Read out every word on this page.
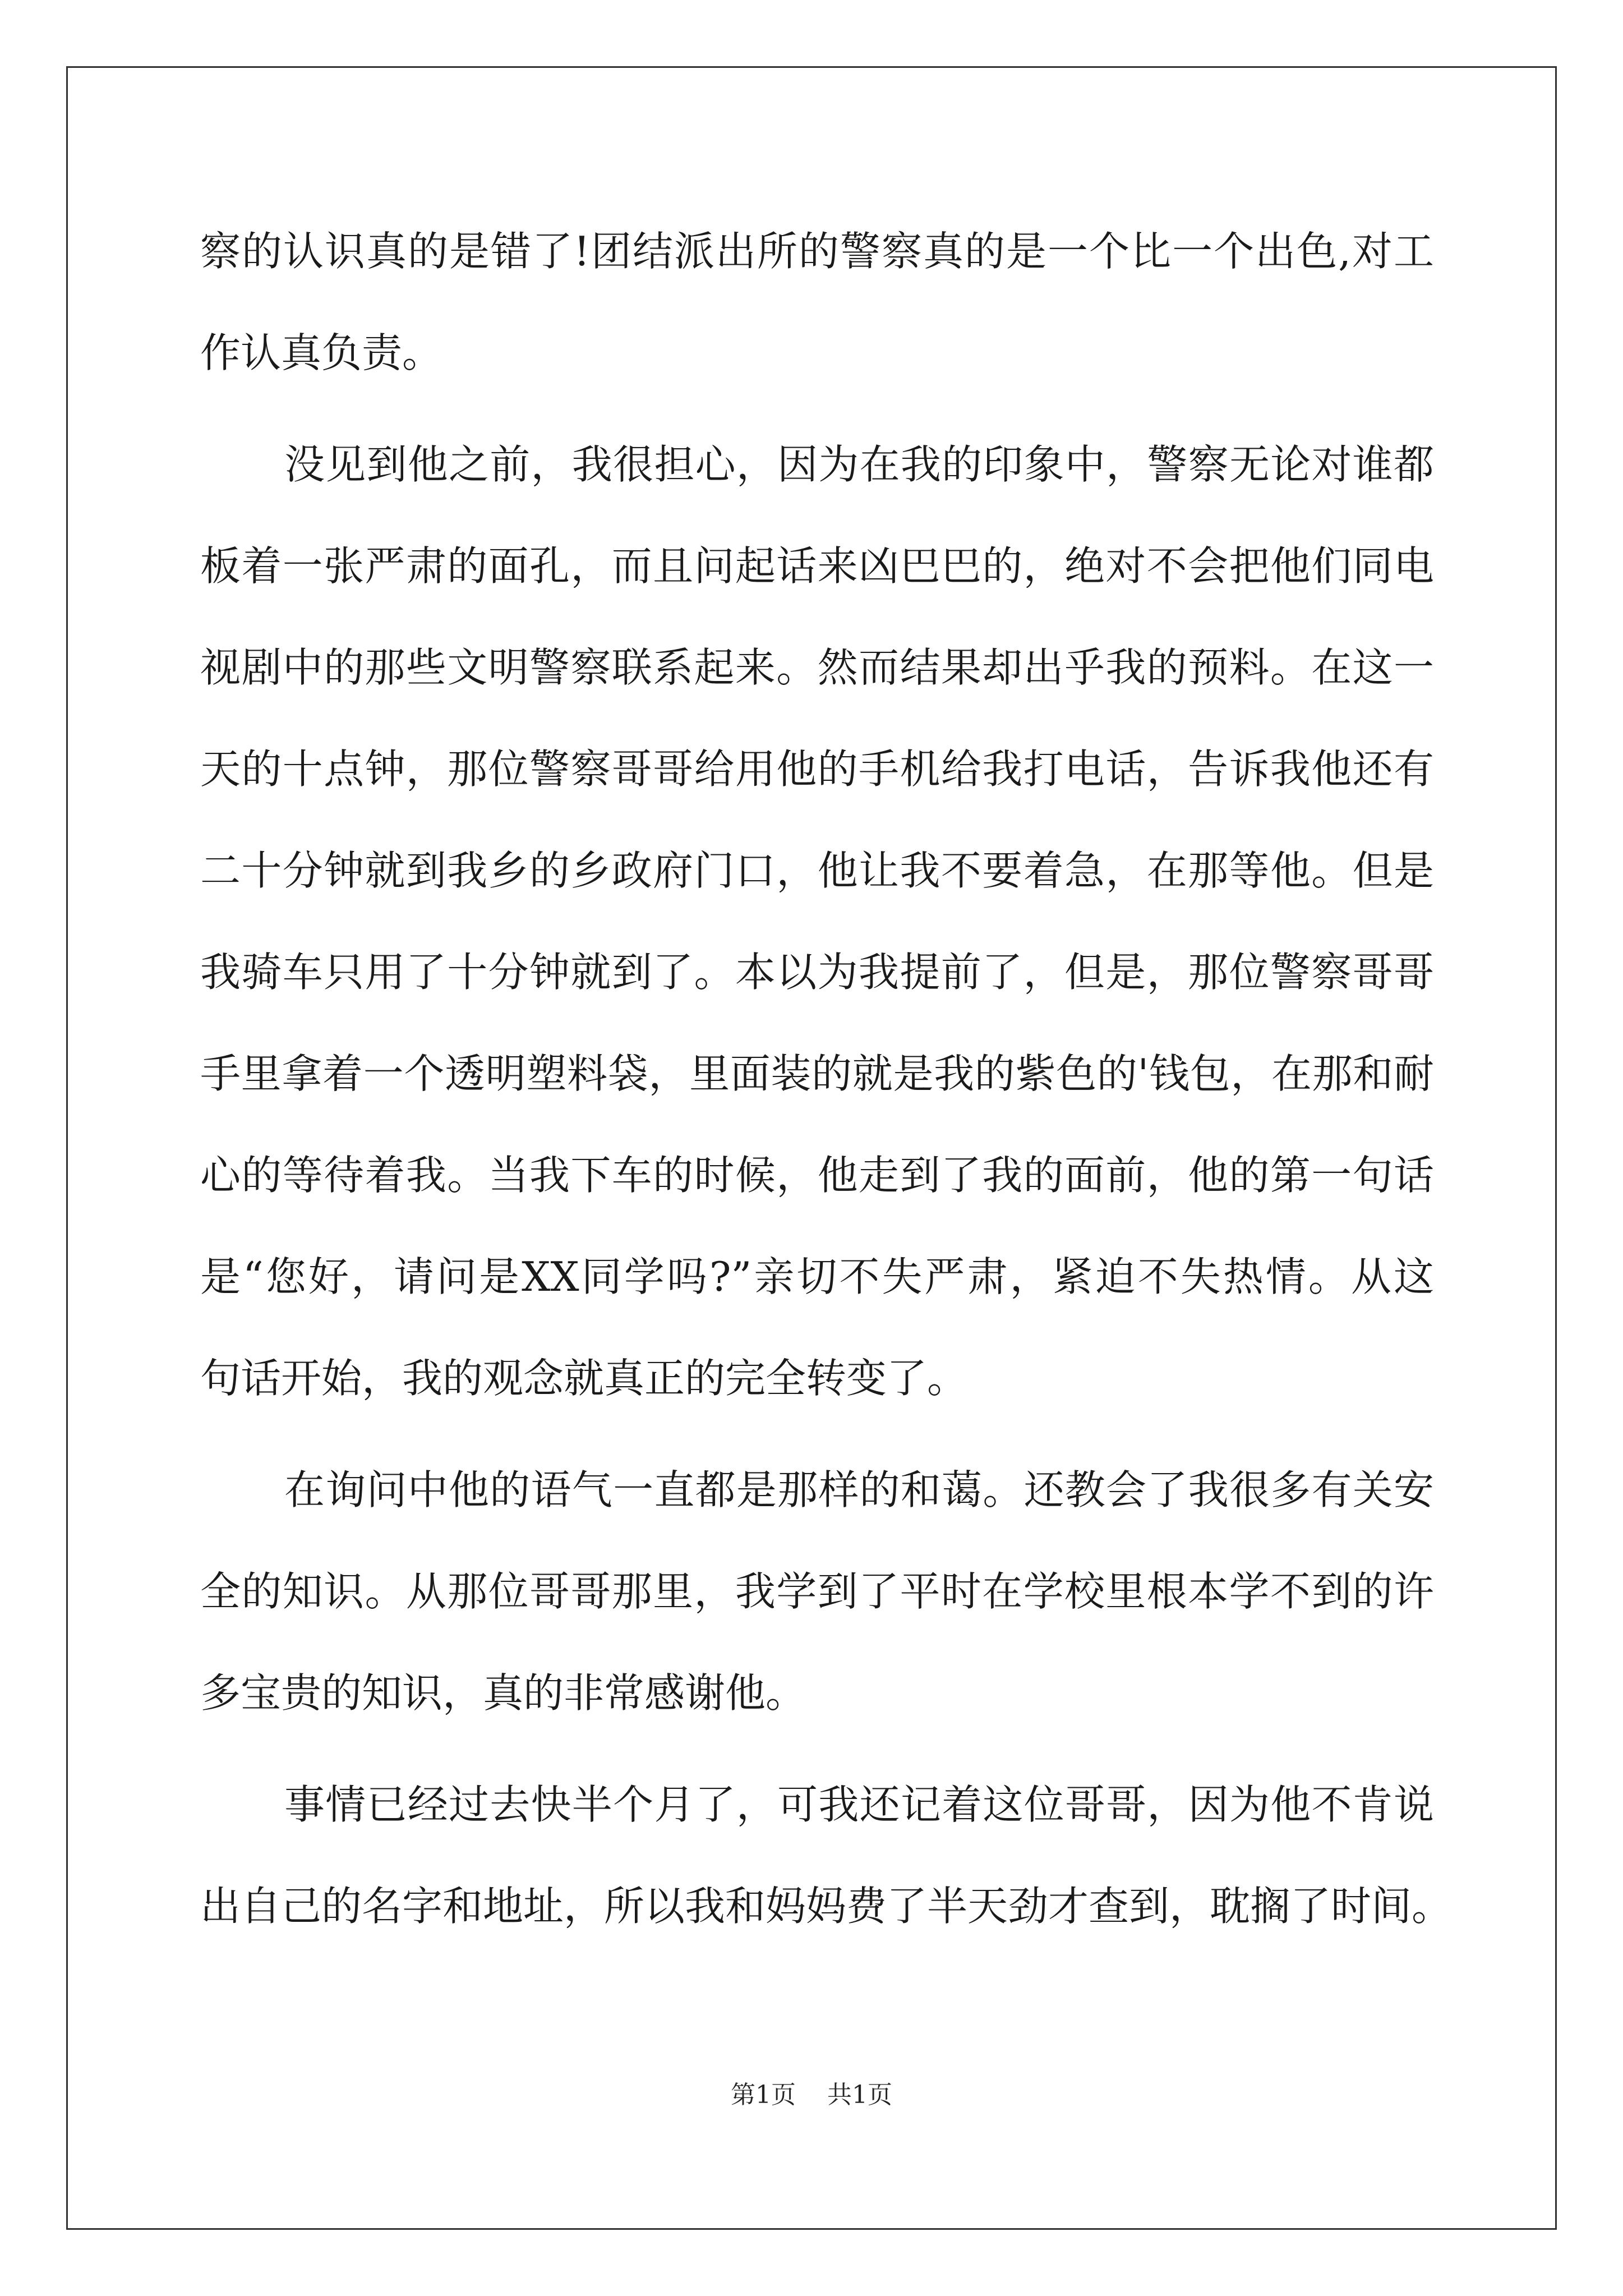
察的认识真的是错了!团结派出所的警察真的是一个比一个出色,对工
作认真负责。
没见到他之前，我很担心，因为在我的印象中，警察无论对谁都
板着一张严肃的面孔，而且问起话来凶巴巴的，绝对不会把他们同电
视剧中的那些文明警察联系起来。然而结果却出乎我的预料。在这一
天的十点钟，那位警察哥哥给用他的手机给我打电话，告诉我他还有
二十分钟就到我乡的乡政府门口，他让我不要着急，在那等他。但是
我骑车只用了十分钟就到了。本以为我提前了，但是，那位警察哥哥
手里拿着一个透明塑料袋，里面装的就是我的紫色的'钱包，在那和耐
心的等待着我。当我下车的时候，他走到了我的面前，他的第一句话
是“您好，请问是XX同学吗?”亲切不失严肃，紧迫不失热情。从这
句话开始，我的观念就真正的完全转变了。
在询问中他的语气一直都是那样的和蔼。还教会了我很多有关安
全的知识。从那位哥哥那里，我学到了平时在学校里根本学不到的许
多宝贵的知识，真的非常感谢他。
事情已经过去快半个月了，可我还记着这位哥哥，因为他不肯说
出自己的名字和地址，所以我和妈妈费了半天劲才查到，耽搁了时间。
第1页 共1页
